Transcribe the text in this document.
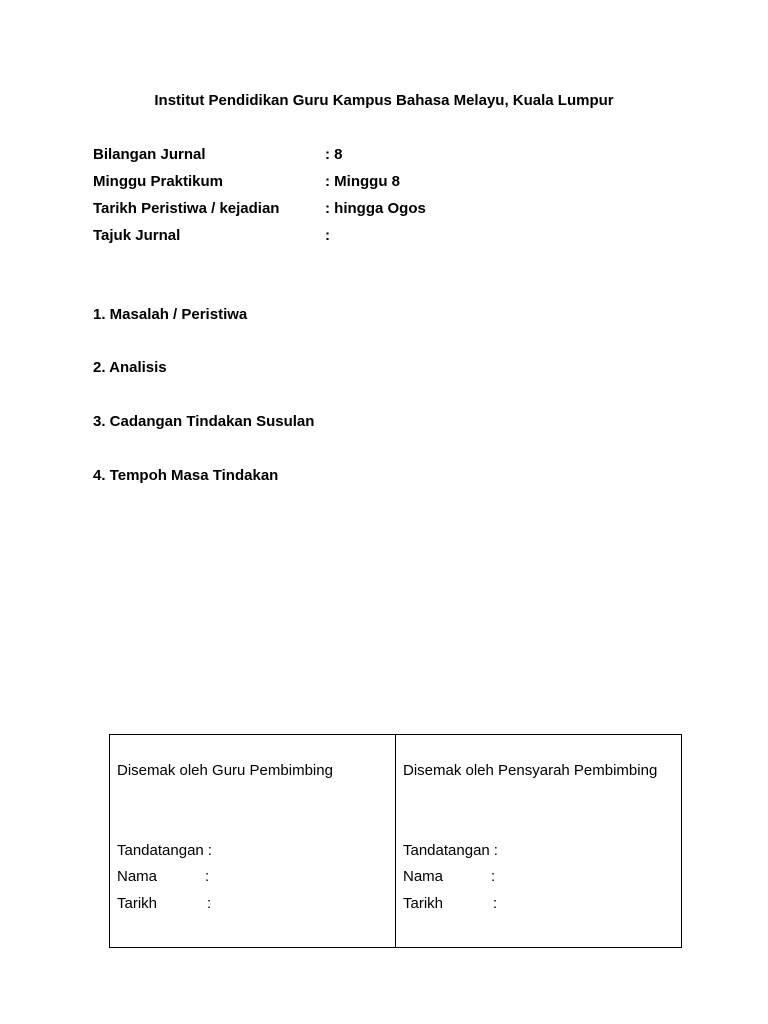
Institut Pendidikan Guru Kampus Bahasa Melayu, Kuala Lumpur
Bilangan Jurnal	: 8
Minggu Praktikum	: Minggu 8
Tarikh Peristiwa / kejadian	: hingga Ogos
Tajuk Jurnal	:
1. Masalah / Peristiwa
2. Analisis
3. Cadangan Tindakan Susulan
4. Tempoh Masa Tindakan
Disemak oleh Guru Pembimbing
Tandatangan :
Nama	:
Tarikh	:
Disemak oleh Pensyarah Pembimbing
Tandatangan :
Nama	:
Tarikh	:
